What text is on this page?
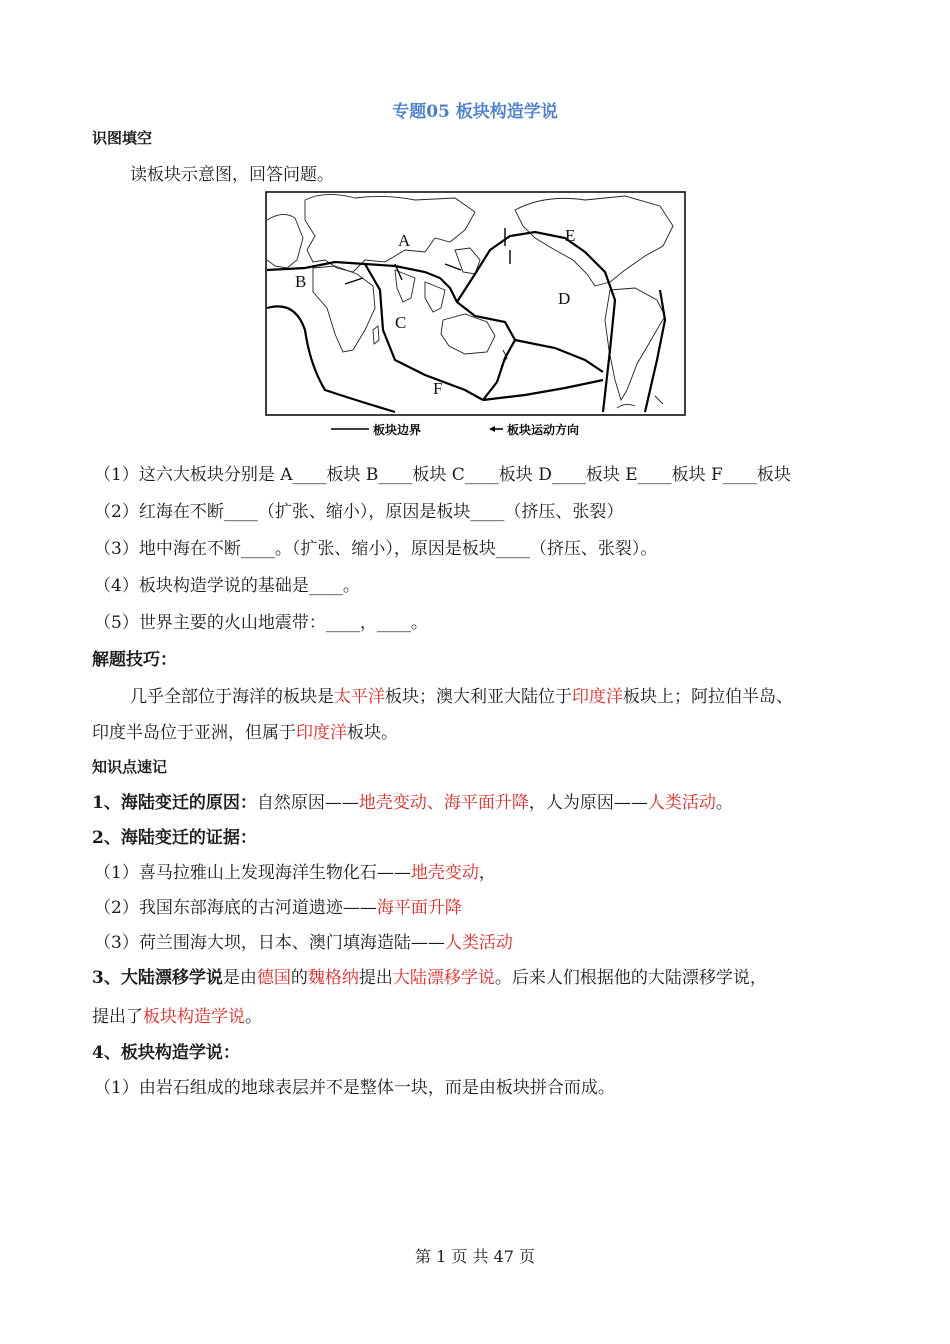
专题05 板块构造学说
识图填空
读板块示意图，回答问题。
A
B
C
D
E
F
板块边界	板块运动方向
（1）这六大板块分别是 A____板块 B____板块 C____板块 D____板块 E____板块 F____板块
（2）红海在不断____（扩张、缩小），原因是板块____（挤压、张裂）
（3）地中海在不断____。（扩张、缩小），原因是板块____（挤压、张裂）。
（4）板块构造学说的基础是____。
（5）世界主要的火山地震带：____，____。
解题技巧：
几乎全部位于海洋的板块是太平洋板块；澳大利亚大陆位于印度洋板块上；阿拉伯半岛、
印度半岛位于亚洲，但属于印度洋板块。
知识点速记
1、海陆变迁的原因：自然原因——地壳变动、海平面升降，人为原因——人类活动。
2、海陆变迁的证据：
（1）喜马拉雅山上发现海洋生物化石——地壳变动，
（2）我国东部海底的古河道遗迹——海平面升降
（3）荷兰围海大坝，日本、澳门填海造陆——人类活动
3、大陆漂移学说是由德国的魏格纳提出大陆漂移学说。后来人们根据他的大陆漂移学说，
提出了板块构造学说。
4、板块构造学说：
（1）由岩石组成的地球表层并不是整体一块，而是由板块拼合而成。
第 1 页 共 47 页
